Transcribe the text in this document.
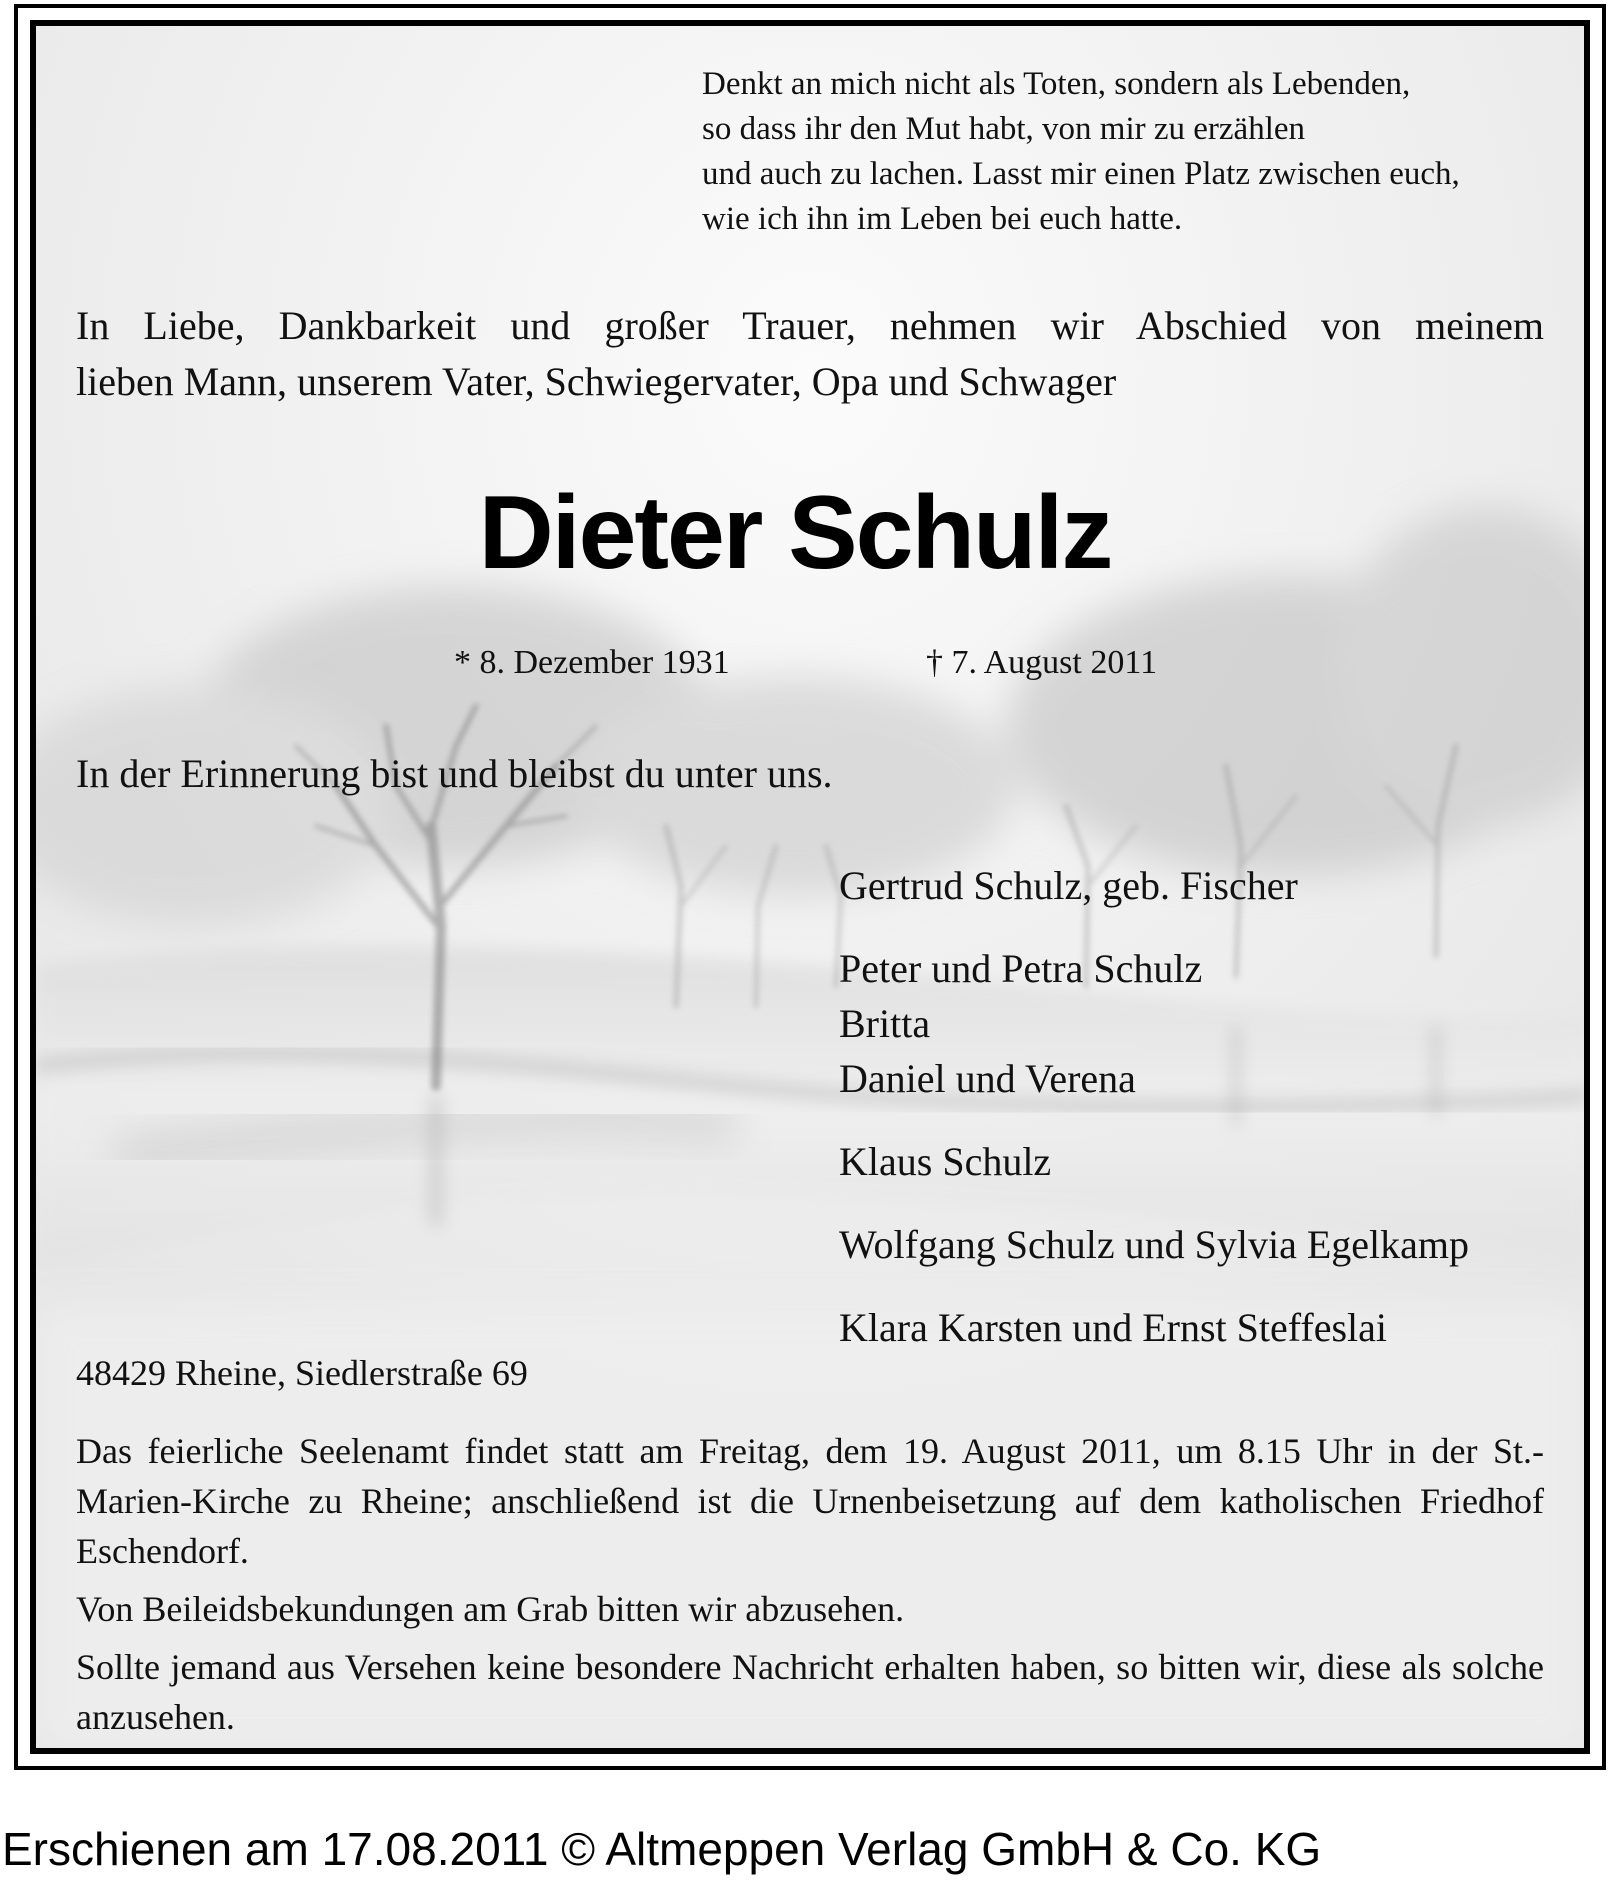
Denkt an mich nicht als Toten, sondern als Lebenden,
so dass ihr den Mut habt, von mir zu erzählen
und auch zu lachen. Lasst mir einen Platz zwischen euch,
wie ich ihn im Leben bei euch hatte.
In Liebe, Dankbarkeit und großer Trauer, nehmen wir Abschied von meinem
lieben Mann, unserem Vater, Schwiegervater, Opa und Schwager
Dieter Schulz
* 8. Dezember 1931	† 7. August 2011
In der Erinnerung bist und bleibst du unter uns.
Gertrud Schulz, geb. Fischer
Peter und Petra Schulz
Britta
Daniel und Verena
Klaus Schulz
Wolfgang Schulz und Sylvia Egelkamp
Klara Karsten und Ernst Steffeslai
48429 Rheine, Siedlerstraße 69

Das feierliche Seelenamt findet statt am Freitag, dem 19. August 2011, um 8.15 Uhr in der St.-Marien-Kirche zu Rheine; anschließend ist die Urnenbeisetzung auf dem katholischen Friedhof Eschendorf.

Von Beileidsbekundungen am Grab bitten wir abzusehen.

Sollte jemand aus Versehen keine besondere Nachricht erhalten haben, so bitten wir, diese als solche anzusehen.

Erschienen am 17.08.2011 © Altmeppen Verlag GmbH & Co. KG
